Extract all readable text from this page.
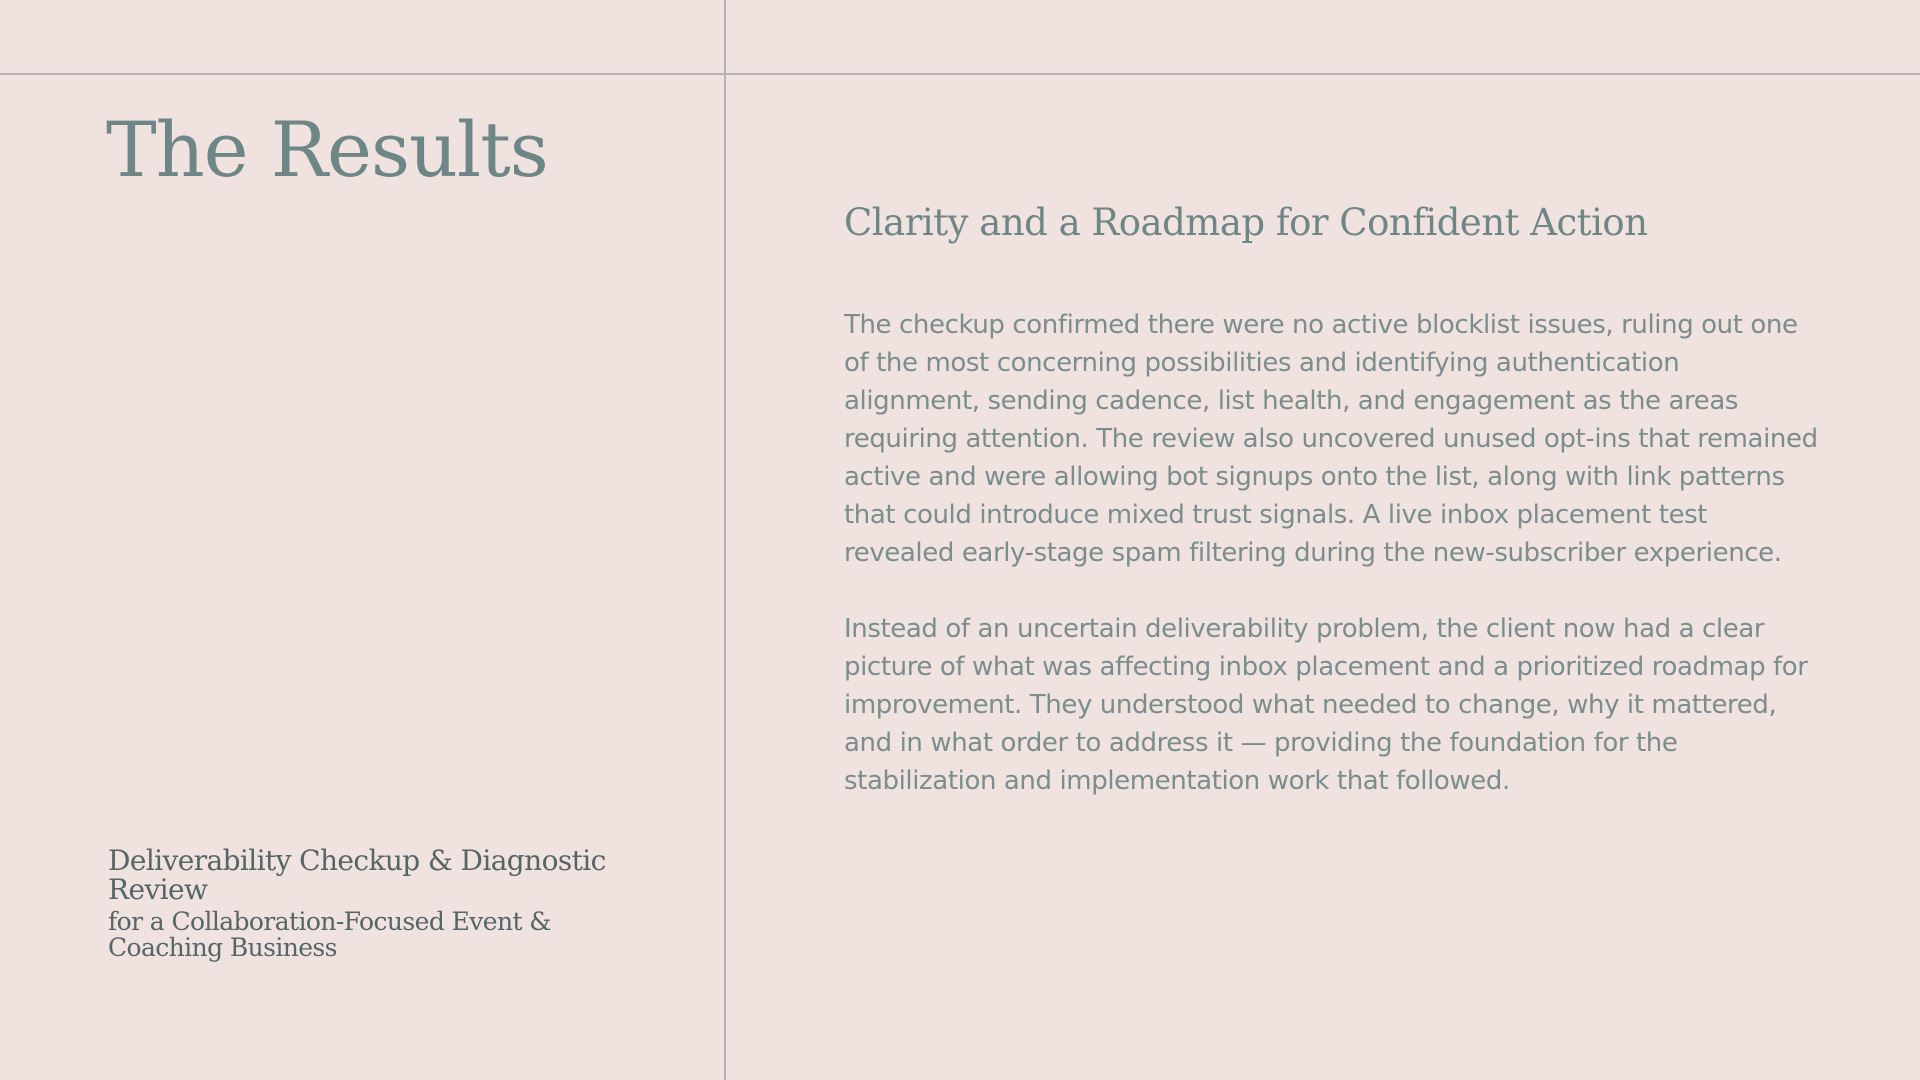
The Results

Deliverability Checkup & Diagnostic Review

for a Collaboration-Focused Event & Coaching Business

Clarity and a Roadmap for Confident Action

The checkup confirmed there were no active blocklist issues, ruling out one of the most concerning possibilities and identifying authentication alignment, sending cadence, list health, and engagement as the areas requiring attention. The review also uncovered unused opt-ins that remained active and were allowing bot signups onto the list, along with link patterns that could introduce mixed trust signals. A live inbox placement test revealed early-stage spam filtering during the new-subscriber experience.

Instead of an uncertain deliverability problem, the client now had a clear picture of what was affecting inbox placement and a prioritized roadmap for improvement. They understood what needed to change, why it mattered, and in what order to address it — providing the foundation for the stabilization and implementation work that followed.
